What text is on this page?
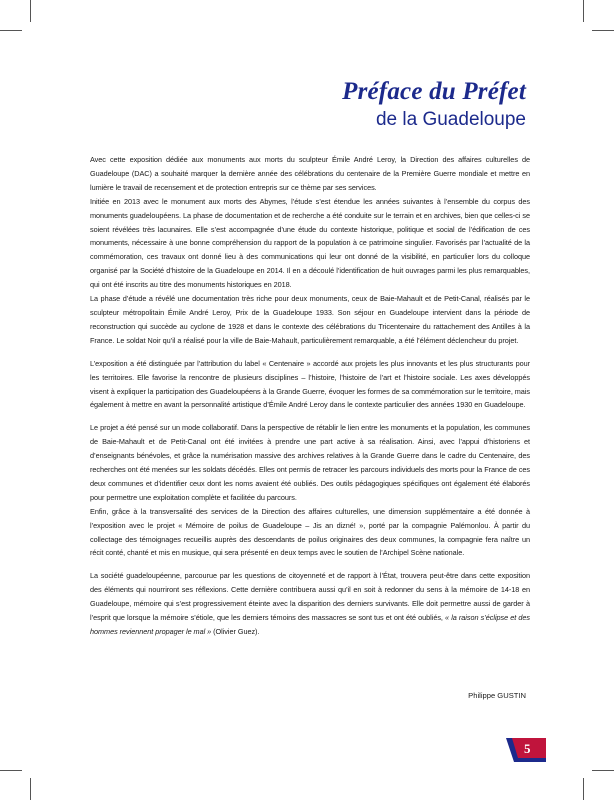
Préface du Préfet
de la Guadeloupe

Avec cette exposition dédiée aux monuments aux morts du sculpteur Émile André Leroy, la Direction des affaires culturelles de Guadeloupe (DAC) a souhaité marquer la dernière année des célébrations du centenaire de la Première Guerre mondiale et mettre en lumière le travail de recensement et de protection entrepris sur ce thème par ses services.

Initiée en 2013 avec le monument aux morts des Abymes, l’étude s’est étendue les années suivantes à l’ensemble du corpus des monuments guadeloupéens. La phase de documentation et de recherche a été conduite sur le terrain et en archives, bien que celles-ci se soient révélées très lacunaires. Elle s’est accompagnée d’une étude du contexte historique, politique et social de l’édification de ces monuments, nécessaire à une bonne compréhension du rapport de la population à ce patrimoine singulier. Favorisés par l’actualité de la commémoration, ces travaux ont donné lieu à des communications qui leur ont donné de la visibilité, en particulier lors du colloque organisé par la Société d’histoire de la Guadeloupe en 2014. Il en a découlé l’identification de huit ouvrages parmi les plus remarquables, qui ont été inscrits au titre des monuments historiques en 2018.

La phase d’étude a révélé une documentation très riche pour deux monuments, ceux de Baie-Mahault et de Petit-Canal, réalisés par le sculpteur métropolitain Émile André Leroy, Prix de la Guadeloupe 1933. Son séjour en Guadeloupe intervient dans la période de reconstruction qui succède au cyclone de 1928 et dans le contexte des célébrations du Tricentenaire du rattachement des Antilles à la France. Le soldat Noir qu’il a réalisé pour la ville de Baie-Mahault, particulièrement remarquable, a été l’élément déclencheur du projet.

L’exposition a été distinguée par l’attribution du label « Centenaire » accordé aux projets les plus innovants et les plus structurants pour les territoires. Elle favorise la rencontre de plusieurs disciplines – l’histoire, l’histoire de l’art et l’histoire sociale. Les axes développés visent à expliquer la participation des Guadeloupéens à la Grande Guerre, évoquer les formes de sa commémoration sur le territoire, mais également à mettre en avant la personnalité artistique d’Émile André Leroy dans le contexte particulier des années 1930 en Guadeloupe.

Le projet a été pensé sur un mode collaboratif. Dans la perspective de rétablir le lien entre les monuments et la population, les communes de Baie-Mahault et de Petit-Canal ont été invitées à prendre une part active à sa réalisation. Ainsi, avec l’appui d’historiens et d’enseignants bénévoles, et grâce la numérisation massive des archives relatives à la Grande Guerre dans le cadre du Centenaire, des recherches ont été menées sur les soldats décédés. Elles ont permis de retracer les parcours individuels des morts pour la France de ces deux communes et d’identifier ceux dont les noms avaient été oubliés. Des outils pédagogiques spécifiques ont également été élaborés pour permettre une exploitation complète et facilitée du parcours.

Enfin, grâce à la transversalité des services de la Direction des affaires culturelles, une dimension supplémentaire a été donnée à l’exposition avec le projet « Mémoire de poilus de Guadeloupe – Jis an dizné! », porté par la compagnie Palémonlou. À partir du collectage des témoignages recueillis auprès des descendants de poilus originaires des deux communes, la compagnie fera naître un récit conté, chanté et mis en musique, qui sera présenté en deux temps avec le soutien de l’Archipel Scène nationale.

La société guadeloupéenne, parcourue par les questions de citoyenneté et de rapport à l’État, trouvera peut-être dans cette exposition des éléments qui nourriront ses réflexions. Cette dernière contribuera aussi qu’il en soit à redonner du sens à la mémoire de 14-18 en Guadeloupe, mémoire qui s’est progressivement éteinte avec la disparition des derniers survivants. Elle doit permettre aussi de garder à l’esprit que lorsque la mémoire s’étiole, que les derniers témoins des massacres se sont tus et ont été oubliés, « la raison s’éclipse et des hommes reviennent propager le mal » (Olivier Guez).

Philippe GUSTIN
5
